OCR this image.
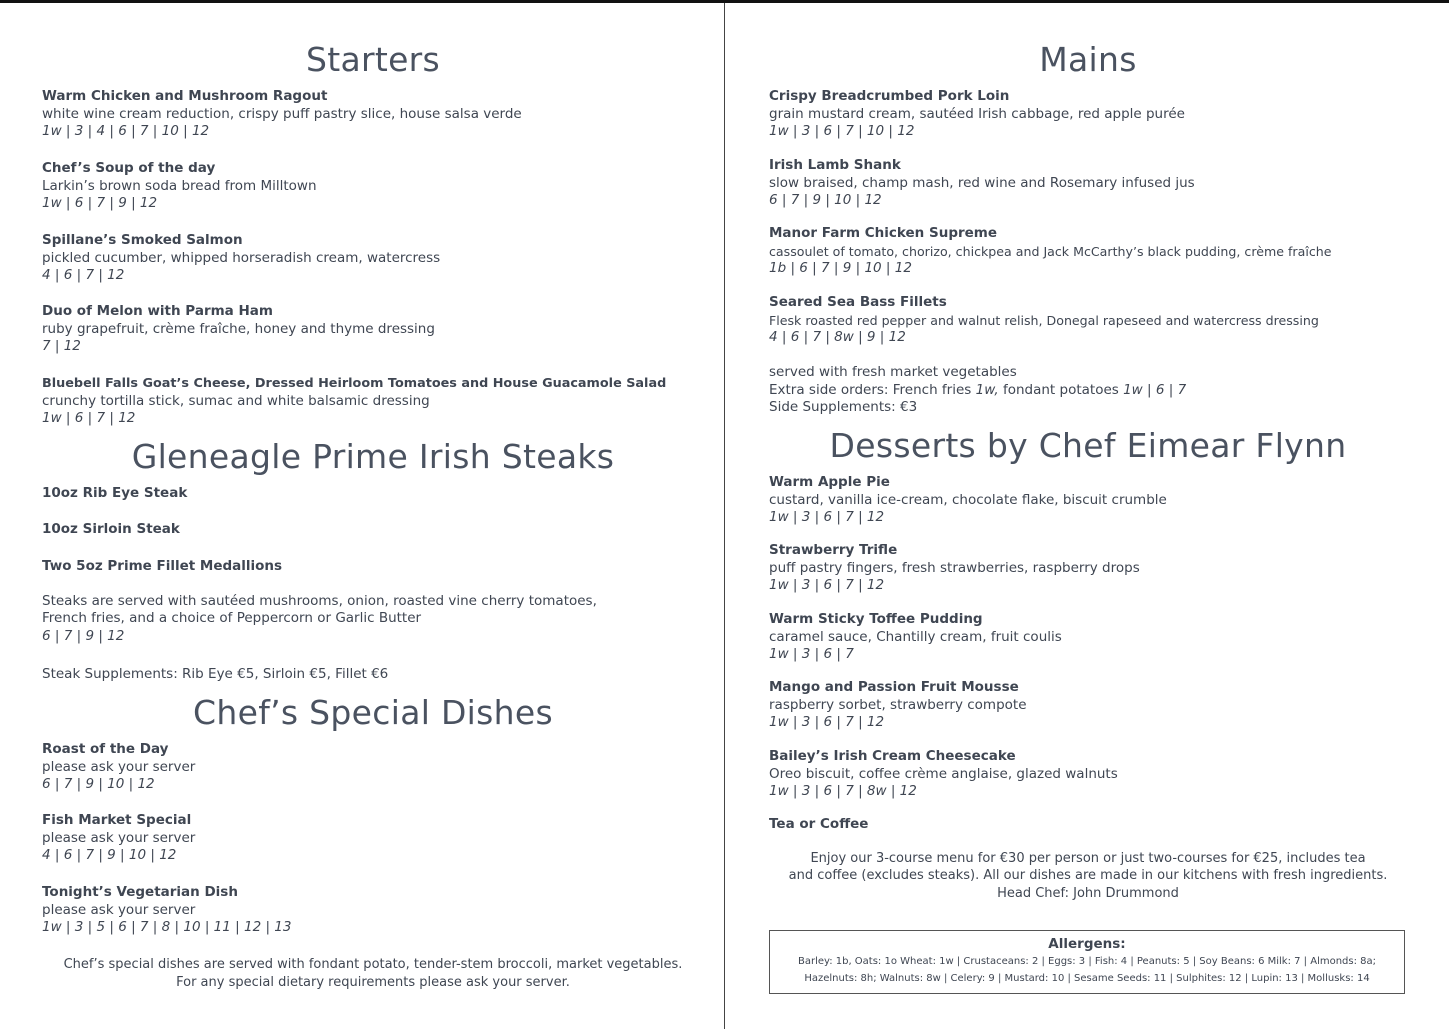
Starters
Warm Chicken and Mushroom Ragout
white wine cream reduction, crispy puff pastry slice, house salsa verde
1w | 3 | 4 | 6 | 7 | 10 | 12
Chef’s Soup of the day
Larkin’s brown soda bread from Milltown
1w | 6 | 7 | 9 | 12
Spillane’s Smoked Salmon
pickled cucumber, whipped horseradish cream, watercress
4 | 6 | 7 | 12
Duo of Melon with Parma Ham
ruby grapefruit, crème fraîche, honey and thyme dressing
7 | 12
Bluebell Falls Goat’s Cheese, Dressed Heirloom Tomatoes and House Guacamole Salad
crunchy tortilla stick, sumac and white balsamic dressing
1w | 6 | 7 | 12
Gleneagle Prime Irish Steaks
10oz Rib Eye Steak
10oz Sirloin Steak
Two 5oz Prime Fillet Medallions
Steaks are served with sautéed mushrooms, onion, roasted vine cherry tomatoes,
French fries, and a choice of Peppercorn or Garlic Butter
6 | 7 | 9 | 12
Steak Supplements: Rib Eye €5, Sirloin €5, Fillet €6
Chef’s Special Dishes
Roast of the Day
please ask your server
6 | 7 | 9 | 10 | 12
Fish Market Special
please ask your server
4 | 6 | 7 | 9 | 10 | 12
Tonight’s Vegetarian Dish
please ask your server
1w | 3 | 5 | 6 | 7 | 8 | 10 | 11 | 12 | 13
Chef’s special dishes are served with fondant potato, tender-stem broccoli, market vegetables.
For any special dietary requirements please ask your server.
Mains
Crispy Breadcrumbed Pork Loin
grain mustard cream, sautéed Irish cabbage, red apple purée
1w | 3 | 6 | 7 | 10 | 12
Irish Lamb Shank
slow braised, champ mash, red wine and Rosemary infused jus
6 | 7 | 9 | 10 | 12
Manor Farm Chicken Supreme
cassoulet of tomato, chorizo, chickpea and Jack McCarthy’s black pudding, crème fraîche
1b | 6 | 7 | 9 | 10 | 12
Seared Sea Bass Fillets
Flesk roasted red pepper and walnut relish, Donegal rapeseed and watercress dressing
4 | 6 | 7 | 8w | 9 | 12
served with fresh market vegetables
Extra side orders: French fries 1w, fondant potatoes 1w | 6 | 7
Side Supplements: €3
Desserts by Chef Eimear Flynn
Warm Apple Pie
custard, vanilla ice-cream, chocolate flake, biscuit crumble
1w | 3 | 6 | 7 | 12
Strawberry Trifle
puff pastry fingers, fresh strawberries, raspberry drops
1w | 3 | 6 | 7 | 12
Warm Sticky Toffee Pudding
caramel sauce, Chantilly cream, fruit coulis
1w | 3 | 6 | 7
Mango and Passion Fruit Mousse
raspberry sorbet, strawberry compote
1w | 3 | 6 | 7 | 12
Bailey’s Irish Cream Cheesecake
Oreo biscuit, coffee crème anglaise, glazed walnuts
1w | 3 | 6 | 7 | 8w | 12
Tea or Coffee
Enjoy our 3-course menu for €30 per person or just two-courses for €25, includes tea
and coffee (excludes steaks). All our dishes are made in our kitchens with fresh ingredients.
Head Chef: John Drummond
Allergens:
Barley: 1b, Oats: 1o Wheat: 1w | Crustaceans: 2 | Eggs: 3 | Fish: 4 | Peanuts: 5 | Soy Beans: 6 Milk: 7 | Almonds: 8a;
Hazelnuts: 8h; Walnuts: 8w | Celery: 9 | Mustard: 10 | Sesame Seeds: 11 | Sulphites: 12 | Lupin: 13 | Mollusks: 14
